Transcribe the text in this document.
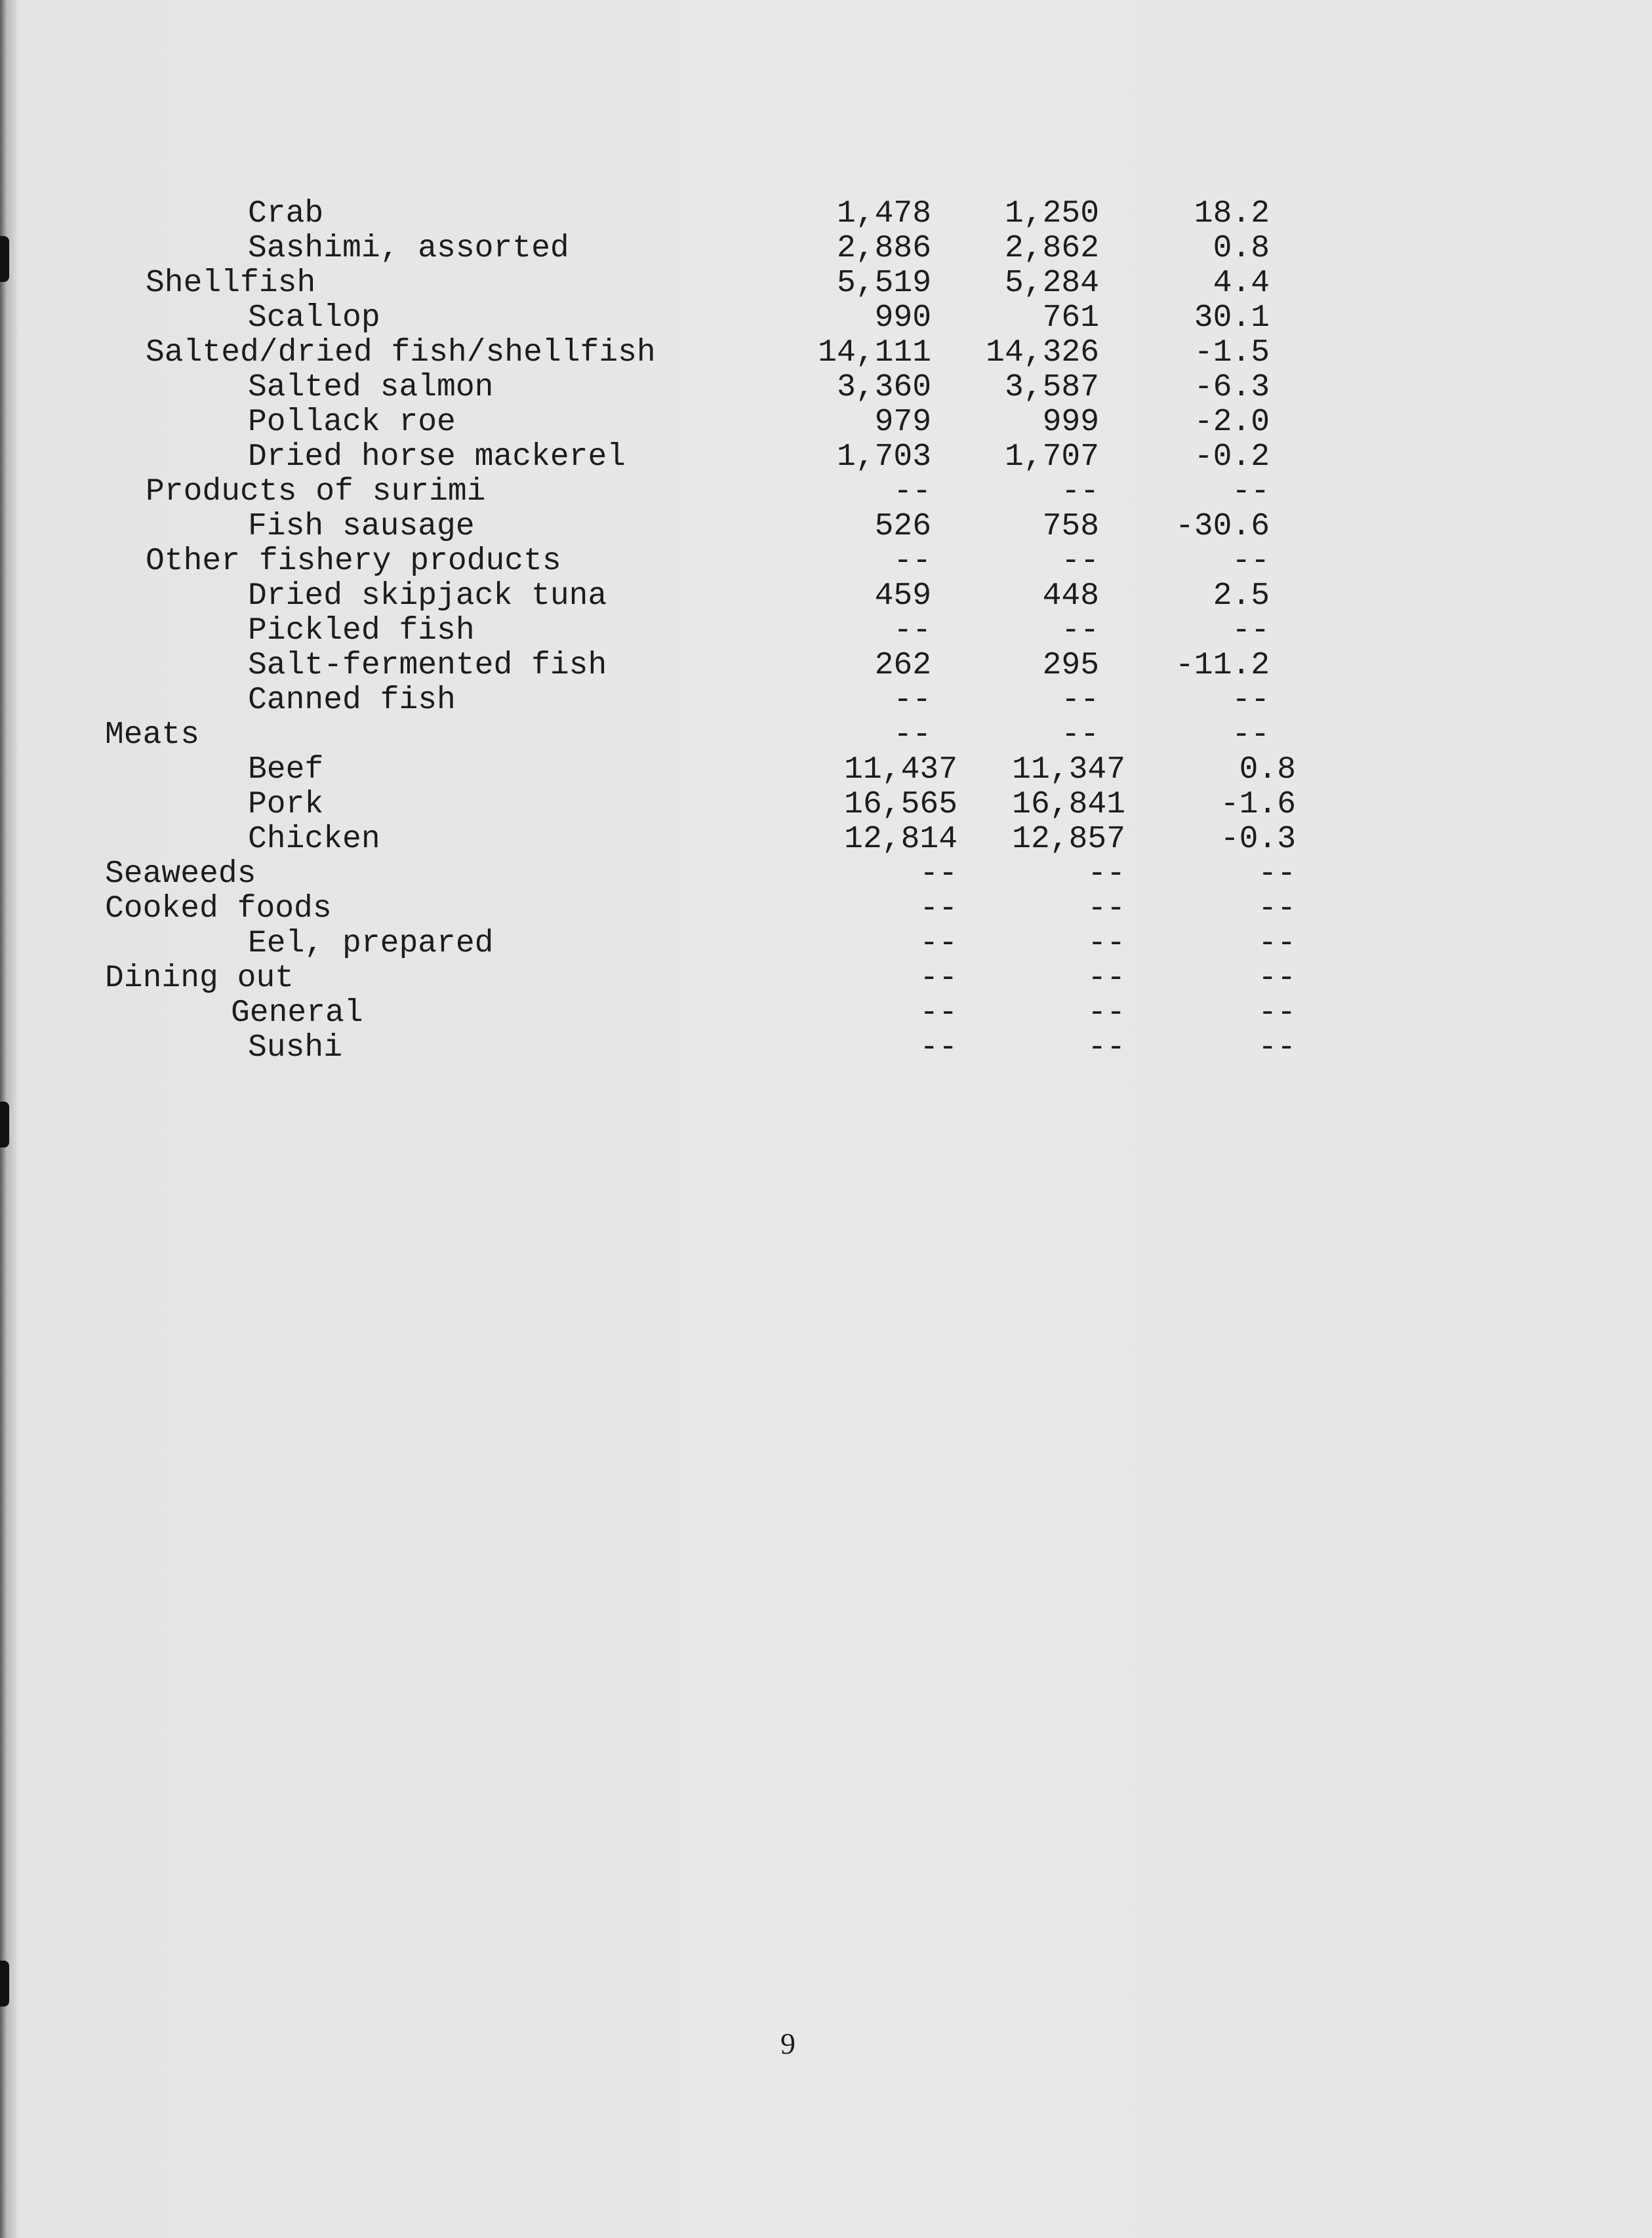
Crab	1,478	1,250	18.2
Sashimi, assorted	2,886	2,862	0.8
Shellfish	5,519	5,284	4.4
Scallop	990	761	30.1
Salted/dried fish/shellfish	14,111	14,326	-1.5
Salted salmon	3,360	3,587	-6.3
Pollack roe	979	999	-2.0
Dried horse mackerel	1,703	1,707	-0.2
Products of surimi	--	--	--
Fish sausage	526	758	-30.6
Other fishery products	--	--	--
Dried skipjack tuna	459	448	2.5
Pickled fish	--	--	--
Salt-fermented fish	262	295	-11.2
Canned fish	--	--	--
Meats	--	--	--
Beef	11,437	11,347	0.8
Pork	16,565	16,841	-1.6
Chicken	12,814	12,857	-0.3
Seaweeds	--	--	--
Cooked foods	--	--	--
Eel, prepared	--	--	--
Dining out	--	--	--
General	--	--	--
Sushi	--	--	--
9
